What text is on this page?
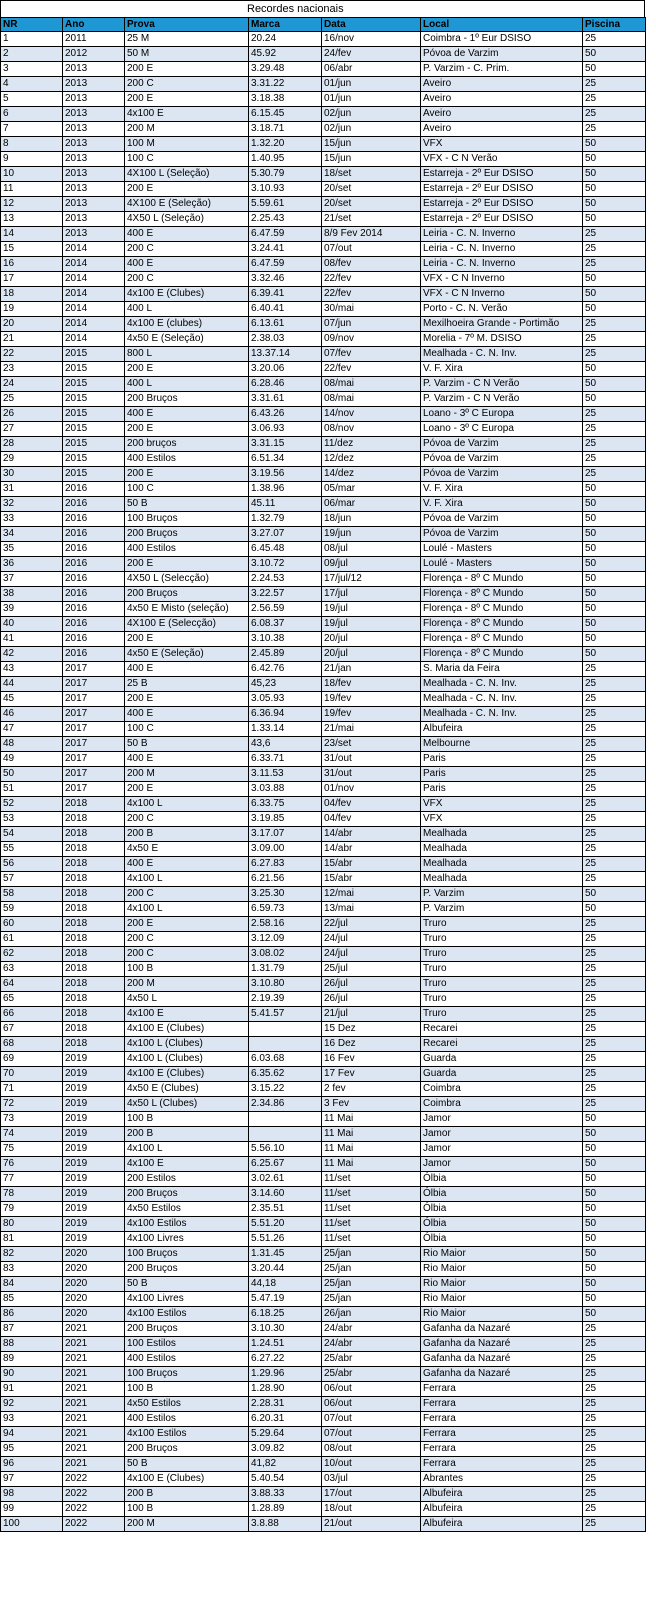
Recordes nacionais
NR	Ano	Prova	Marca	Data	Local	Piscina
1	2011	25 M	20.24	16/nov	Coimbra - 1º Eur DSISO	25
2	2012	50 M	45.92	24/fev	Póvoa de Varzim	50
3	2013	200 E	3.29.48	06/abr	P. Varzim - C. Prim.	50
4	2013	200 C	3.31.22	01/jun	Aveiro	25
5	2013	200 E	3.18.38	01/jun	Aveiro	25
6	2013	4x100 E	6.15.45	02/jun	Aveiro	25
7	2013	200 M	3.18.71	02/jun	Aveiro	25
8	2013	100 M	1.32.20	15/jun	VFX	50
9	2013	100 C	1.40.95	15/jun	VFX - C N Verão	50
10	2013	4X100 L (Seleção)	5.30.79	18/set	Estarreja - 2º Eur DSISO	50
11	2013	200 E	3.10.93	20/set	Estarreja - 2º Eur DSISO	50
12	2013	4X100 E (Seleção)	5.59.61	20/set	Estarreja - 2º Eur DSISO	50
13	2013	4X50 L (Seleção)	2.25.43	21/set	Estarreja - 2º Eur DSISO	50
14	2013	400 E	6.47.59	8/9 Fev 2014	Leiria - C. N. Inverno	25
15	2014	200 C	3.24.41	07/out	Leiria - C. N. Inverno	25
16	2014	400 E	6.47.59	08/fev	Leiria - C. N. Inverno	25
17	2014	200 C	3.32.46	22/fev	VFX - C N Inverno	50
18	2014	4x100 E (Clubes)	6.39.41	22/fev	VFX - C N Inverno	50
19	2014	400 L	6.40.41	30/mai	Porto - C. N. Verão	50
20	2014	4x100 E (clubes)	6.13.61	07/jun	Mexilhoeira Grande - Portimão	25
21	2014	4x50 E (Seleção)	2.38.03	09/nov	Morelia - 7º M. DSISO	25
22	2015	800 L	13.37.14	07/fev	Mealhada - C. N. Inv.	25
23	2015	200 E	3.20.06	22/fev	V. F. Xira	50
24	2015	400 L	6.28.46	08/mai	P. Varzim - C N Verão	50
25	2015	200 Bruços	3.31.61	08/mai	P. Varzim - C N Verão	50
26	2015	400 E	6.43.26	14/nov	Loano - 3º C Europa	25
27	2015	200 E	3.06.93	08/nov	Loano - 3º C Europa	25
28	2015	200 bruços	3.31.15	11/dez	Póvoa de Varzim	25
29	2015	400 Estilos	6.51.34	12/dez	Póvoa de Varzim	25
30	2015	200 E	3.19.56	14/dez	Póvoa de Varzim	25
31	2016	100 C	1.38.96	05/mar	V. F. Xira	50
32	2016	50 B	45.11	06/mar	V. F. Xira	50
33	2016	100 Bruços	1.32.79	18/jun	Póvoa de Varzim	50
34	2016	200 Bruços	3.27.07	19/jun	Póvoa de Varzim	50
35	2016	400 Estilos	6.45.48	08/jul	Loulé - Masters	50
36	2016	200 E	3.10.72	09/jul	Loulé - Masters	50
37	2016	4X50 L (Selecção)	2.24.53	17/jul/12	Florença - 8º C Mundo	50
38	2016	200 Bruços	3.22.57	17/jul	Florença - 8º C Mundo	50
39	2016	4x50 E Misto (seleção)	2.56.59	19/jul	Florença - 8º C Mundo	50
40	2016	4X100 E (Selecção)	6.08.37	19/jul	Florença - 8º C Mundo	50
41	2016	200 E	3.10.38	20/jul	Florença - 8º C Mundo	50
42	2016	4x50 E (Seleção)	2.45.89	20/jul	Florença - 8º C Mundo	50
43	2017	400 E	6.42.76	21/jan	S. Maria da Feira	25
44	2017	25 B	45,23	18/fev	Mealhada - C. N. Inv.	25
45	2017	200 E	3.05.93	19/fev	Mealhada - C. N. Inv.	25
46	2017	400 E	6.36.94	19/fev	Mealhada - C. N. Inv.	25
47	2017	100 C	1.33.14	21/mai	Albufeira	25
48	2017	50 B	43,6	23/set	Melbourne	25
49	2017	400 E	6.33.71	31/out	Paris	25
50	2017	200 M	3.11.53	31/out	Paris	25
51	2017	200 E	3.03.88	01/nov	Paris	25
52	2018	4x100 L	6.33.75	04/fev	VFX	25
53	2018	200 C	3.19.85	04/fev	VFX	25
54	2018	200 B	3.17.07	14/abr	Mealhada	25
55	2018	4x50 E	3.09.00	14/abr	Mealhada	25
56	2018	400 E	6.27.83	15/abr	Mealhada	25
57	2018	4x100 L	6.21.56	15/abr	Mealhada	25
58	2018	200 C	3.25.30	12/mai	P. Varzim	50
59	2018	4x100 L	6.59.73	13/mai	P. Varzim	50
60	2018	200 E	2.58.16	22/jul	Truro	25
61	2018	200 C	3.12.09	24/jul	Truro	25
62	2018	200 C	3.08.02	24/jul	Truro	25
63	2018	100 B	1.31.79	25/jul	Truro	25
64	2018	200 M	3.10.80	26/jul	Truro	25
65	2018	4x50 L	2.19.39	26/jul	Truro	25
66	2018	4x100 E	5.41.57	21/jul	Truro	25
67	2018	4x100 E (Clubes)		15 Dez	Recarei	25
68	2018	4x100 L (Clubes)		16 Dez	Recarei	25
69	2019	4x100 L (Clubes)	6.03.68	16 Fev	Guarda	25
70	2019	4x100 E (Clubes)	6.35.62	17 Fev	Guarda	25
71	2019	4x50 E (Clubes)	3.15.22	2 fev	Coimbra	25
72	2019	4x50 L (Clubes)	2.34.86	3 Fev	Coimbra	25
73	2019	100 B		11 Mai	Jamor	50
74	2019	200 B		11 Mai	Jamor	50
75	2019	4x100 L	5.56.10	11 Mai	Jamor	50
76	2019	4x100 E	6.25.67	11 Mai	Jamor	50
77	2019	200 Estilos	3.02.61	11/set	Ólbia	50
78	2019	200 Bruços	3.14.60	11/set	Ólbia	50
79	2019	4x50 Estilos	2.35.51	11/set	Ólbia	50
80	2019	4x100 Estilos	5.51.20	11/set	Ólbia	50
81	2019	4x100 Livres	5.51.26	11/set	Ólbia	50
82	2020	100 Bruços	1.31.45	25/jan	Rio Maior	50
83	2020	200 Bruços	3.20.44	25/jan	Rio Maior	50
84	2020	50 B	44,18	25/jan	Rio Maior	50
85	2020	4x100 Livres	5.47.19	25/jan	Rio Maior	50
86	2020	4x100 Estilos	6.18.25	26/jan	Rio Maior	50
87	2021	200 Bruços	3.10.30	24/abr	Gafanha da Nazaré	25
88	2021	100 Estilos	1.24.51	24/abr	Gafanha da Nazaré	25
89	2021	400 Estilos	6.27.22	25/abr	Gafanha da Nazaré	25
90	2021	100 Bruços	1.29.96	25/abr	Gafanha da Nazaré	25
91	2021	100 B	1.28.90	06/out	Ferrara	25
92	2021	4x50 Estilos	2.28.31	06/out	Ferrara	25
93	2021	400 Estilos	6.20.31	07/out	Ferrara	25
94	2021	4x100 Estilos	5.29.64	07/out	Ferrara	25
95	2021	200 Bruços	3.09.82	08/out	Ferrara	25
96	2021	50 B	41,82	10/out	Ferrara	25
97	2022	4x100 E (Clubes)	5.40.54	03/jul	Abrantes	25
98	2022	200 B	3.88.33	17/out	Albufeira	25
99	2022	100 B	1.28.89	18/out	Albufeira	25
100	2022	200 M	3.8.88	21/out	Albufeira	25
